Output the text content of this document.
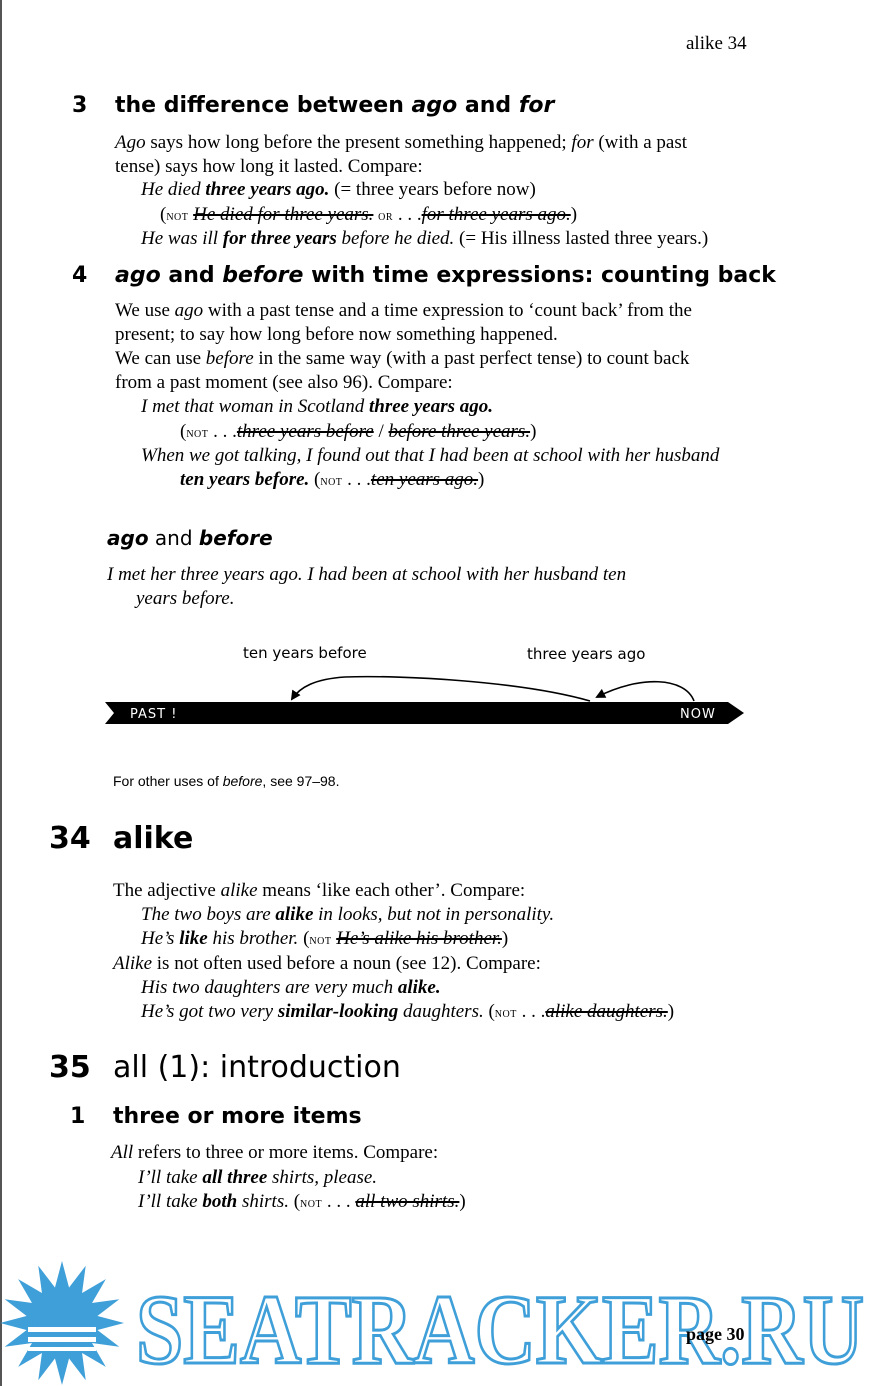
alike 34
3 the difference between ago and for
Ago says how long before the present something happened; for (with a past
tense) says how long it lasted. Compare:
He died three years ago. (= three years before now)
(not He died for three years. or . . .for three years ago.)
He was ill for three years before he died. (= His illness lasted three years.)
4 ago and before with time expressions: counting back
We use ago with a past tense and a time expression to ‘count back’ from the
present; to say how long before now something happened.
We can use before in the same way (with a past perfect tense) to count back
from a past moment (see also 96). Compare:
I met that woman in Scotland three years ago.
(not . . .three years before / before three years.)
When we got talking, I found out that I had been at school with her husband
ten years before. (not . . .ten years ago.)
ago and before
I met her three years ago. I had been at school with her husband ten
years before.
ten years before	three years ago
PAST !	NOW
For other uses of before, see 97–98.
34 alike
The adjective alike means ‘like each other’. Compare:
The two boys are alike in looks, but not in personality.
He’s like his brother. (not He’s alike his brother.)
Alike is not often used before a noun (see 12). Compare:
His two daughters are very much alike.
He’s got two very similar-looking daughters. (not . . .alike daughters.)
35 all (1): introduction
1 three or more items
All refers to three or more items. Compare:
I’ll take all three shirts, please.
I’ll take both shirts. (not . . . all two shirts.)
SEATRACKER.RU
page 30
